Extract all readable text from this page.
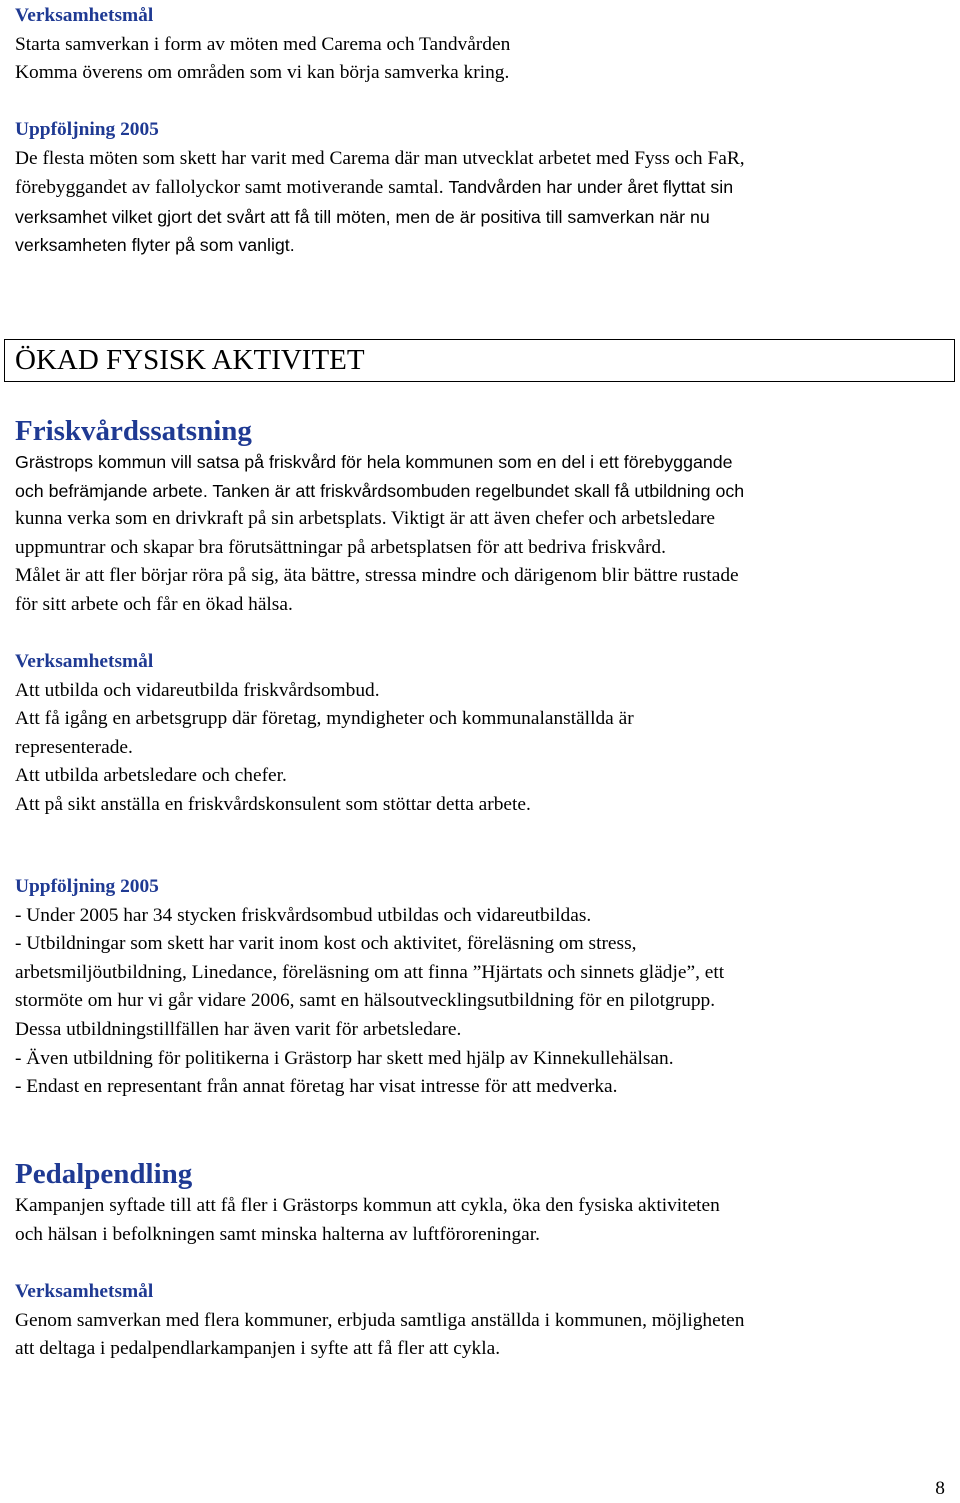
Verksamhetsmål
Starta samverkan i form av möten med Carema och Tandvården
Komma överens om områden som vi kan börja samverka kring.
Uppföljning 2005
De flesta möten som skett har varit med Carema där man utvecklat arbetet med Fyss och FaR,
förebyggandet av fallolyckor samt motiverande samtal. Tandvården har under året flyttat sin
verksamhet vilket gjort det svårt att få till möten, men de är positiva till samverkan när nu
verksamheten flyter på som vanligt.
ÖKAD FYSISK AKTIVITET
Friskvårdssatsning
Grästrops kommun vill satsa på friskvård för hela kommunen som en del i ett förebyggande
och befrämjande arbete. Tanken är att friskvårdsombuden regelbundet skall få utbildning och
kunna verka som en drivkraft på sin arbetsplats. Viktigt är att även chefer och arbetsledare
uppmuntrar och skapar bra förutsättningar på arbetsplatsen för att bedriva friskvård.
Målet är att fler börjar röra på sig, äta bättre, stressa mindre och därigenom blir bättre rustade
för sitt arbete och får en ökad hälsa.
Verksamhetsmål
Att utbilda och vidareutbilda friskvårdsombud.
Att få igång en arbetsgrupp där företag, myndigheter och kommunalanställda är
representerade.
Att utbilda arbetsledare och chefer.
Att på sikt anställa en friskvårdskonsulent som stöttar detta arbete.
Uppföljning 2005
- Under 2005 har 34 stycken friskvårdsombud utbildas och vidareutbildas.
- Utbildningar som skett har varit inom kost och aktivitet, föreläsning om stress,
arbetsmiljöutbildning, Linedance, föreläsning om att finna ”Hjärtats och sinnets glädje”, ett
stormöte om hur vi går vidare 2006, samt en hälsoutvecklingsutbildning för en pilotgrupp.
Dessa utbildningstillfällen har även varit för arbetsledare.
- Även utbildning för politikerna i Grästorp har skett med hjälp av Kinnekullehälsan.
- Endast en representant från annat företag har visat intresse för att medverka.
Pedalpendling
Kampanjen syftade till att få fler i Grästorps kommun att cykla, öka den fysiska aktiviteten
och hälsan i befolkningen samt minska halterna av luftföroreningar.
Verksamhetsmål
Genom samverkan med flera kommuner, erbjuda samtliga anställda i kommunen, möjligheten
att deltaga i pedalpendlarkampanjen i syfte att få fler att cykla.
8
